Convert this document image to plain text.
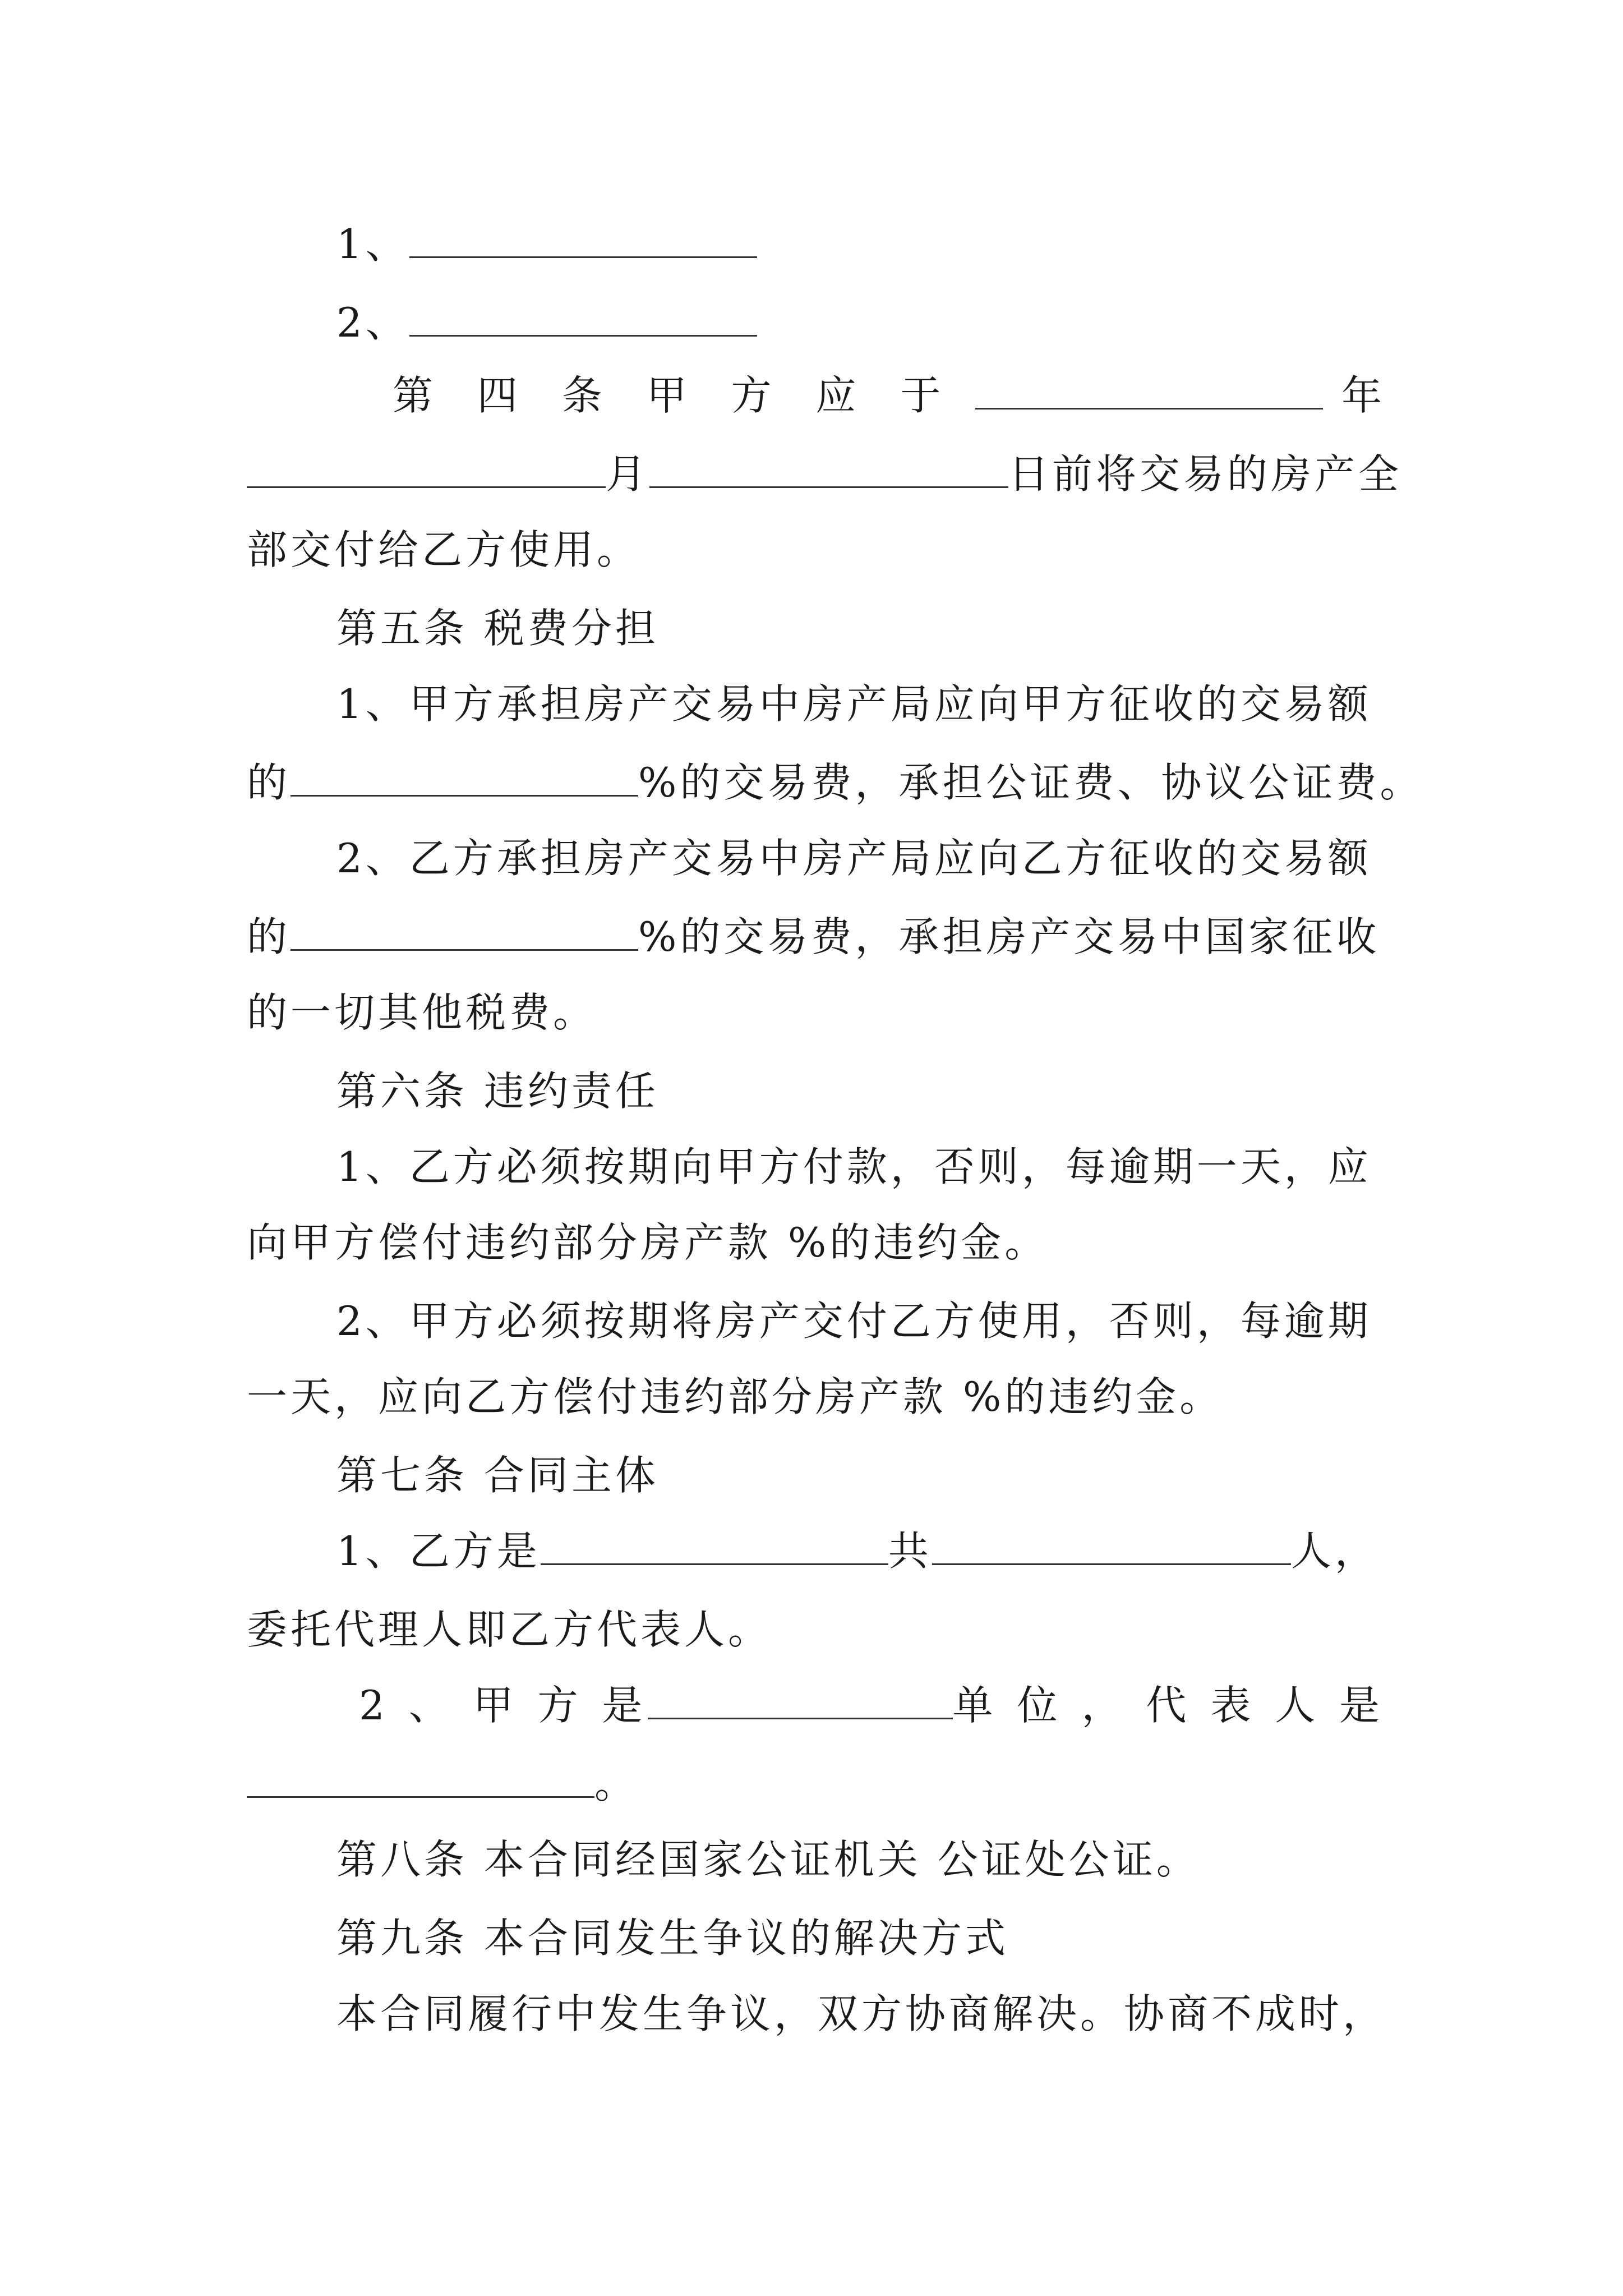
1、
2、
第 四 条 甲 方 应 于	年
月	日前将交易的房产全
部交付给乙方使用。
第五条 税费分担
1、甲方承担房产交易中房产局应向甲方征收的交易额
的	%的交易费，承担公证费、协议公证费。
2、乙方承担房产交易中房产局应向乙方征收的交易额
的	%的交易费，承担房产交易中国家征收
的一切其他税费。
第六条 违约责任
1、乙方必须按期向甲方付款，否则，每逾期一天，应
向甲方偿付违约部分房产款 %的违约金。
2、甲方必须按期将房产交付乙方使用，否则，每逾期
一天，应向乙方偿付违约部分房产款 %的违约金。
第七条 合同主体
1、乙方是	共	人，
委托代理人即乙方代表人。
2 、 甲 方 是	单 位 ， 代 表 人 是
。
第八条 本合同经国家公证机关 公证处公证。
第九条 本合同发生争议的解决方式
本合同履行中发生争议，双方协商解决。协商不成时，
